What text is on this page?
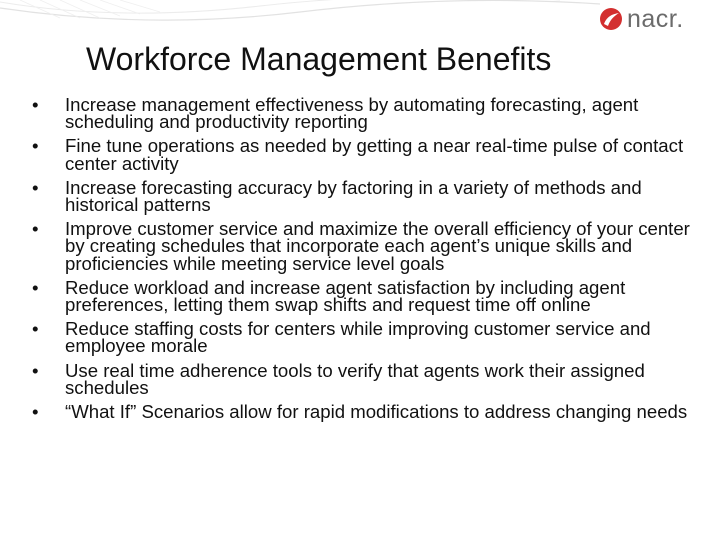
nacr.
Workforce Management Benefits
• Increase management effectiveness by automating forecasting, agent scheduling and productivity reporting
• Fine tune operations as needed by getting a near real-time pulse of contact center activity
• Increase forecasting accuracy by factoring in a variety of methods and historical patterns
• Improve customer service and maximize the overall efficiency of your center by creating schedules that incorporate each agent’s unique skills and proficiencies while meeting service level goals
• Reduce workload and increase agent satisfaction by including agent preferences, letting them swap shifts and request time off online
• Reduce staffing costs for centers while improving customer service and employee morale
• Use real time adherence tools to verify that agents work their assigned schedules
• “What If” Scenarios allow for rapid modifications to address changing needs
